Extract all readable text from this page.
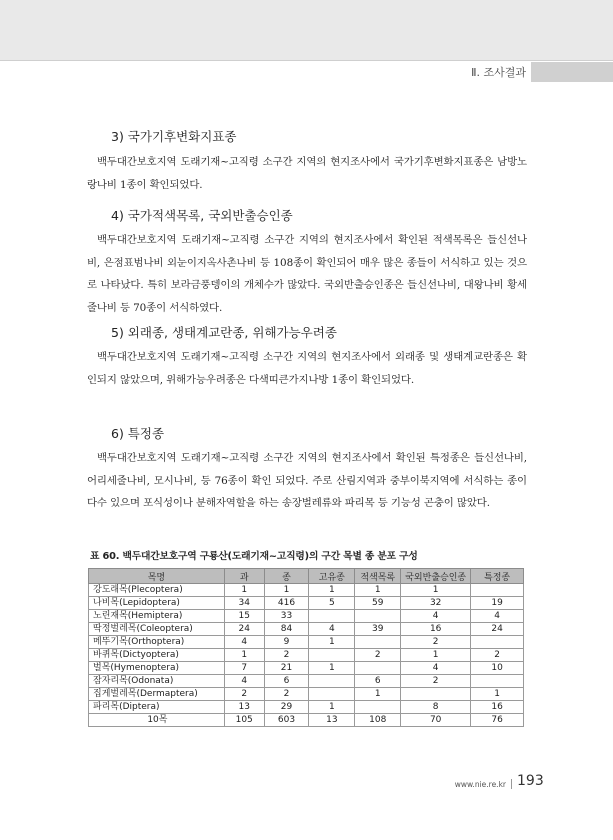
Ⅱ. 조사결과
3) 국가기후변화지표종

백두대간보호지역 도래기재~고직령 소구간 지역의 현지조사에서 국가기후변화지표종은 남방노랑나비 1종이 확인되었다.

4) 국가적색목록, 국외반출승인종

백두대간보호지역 도래기재~고직령 소구간 지역의 현지조사에서 확인된 적색목록은 들신선나비, 은점표범나비 외눈이지옥사촌나비 등 108종이 확인되어 매우 많은 종들이 서식하고 있는 것으로 나타났다. 특히 보라금풍뎅이의 개체수가 많았다. 국외반출승인종은 들신선나비, 대왕나비 황세줄나비 등 70종이 서식하였다.

5) 외래종, 생태계교란종, 위해가능우려종

백두대간보호지역 도래기재~고직령 소구간 지역의 현지조사에서 외래종 및 생태계교란종은 확인되지 않았으며, 위해가능우려종은 다색띠큰가지나방 1종이 확인되었다.

6) 특정종

백두대간보호지역 도래기재~고직령 소구간 지역의 현지조사에서 확인된 특정종은 들신선나비, 어리세줄나비, 모시나비, 등 76종이 확인 되었다. 주로 산림지역과 중부이북지역에 서식하는 종이 다수 있으며 포식성이나 분해자역할을 하는 송장벌레류와 파리목 등 기능성 곤충이 많았다.

표 60. 백두대간보호구역 구룡산(도래기재~고직령)의 구간 목별 종 분포 구성
목명	과	종	고유종	적색목록	국외반출승인종	특정종
강도래목(Plecoptera)	1	1	1	1	1	
나비목(Lepidoptera)	34	416	5	59	32	19
노린재목(Hemiptera)	15	33			4	4
딱정벌레목(Coleoptera)	24	84	4	39	16	24
메뚜기목(Orthoptera)	4	9	1		2	
바퀴목(Dictyoptera)	1	2		2	1	2
벌목(Hymenoptera)	7	21	1		4	10
잠자리목(Odonata)	4	6		6	2	
집게벌레목(Dermaptera)	2	2		1		1
파리목(Diptera)	13	29	1		8	16
10목	105	603	13	108	70	76
www.nie.re.kr 193
